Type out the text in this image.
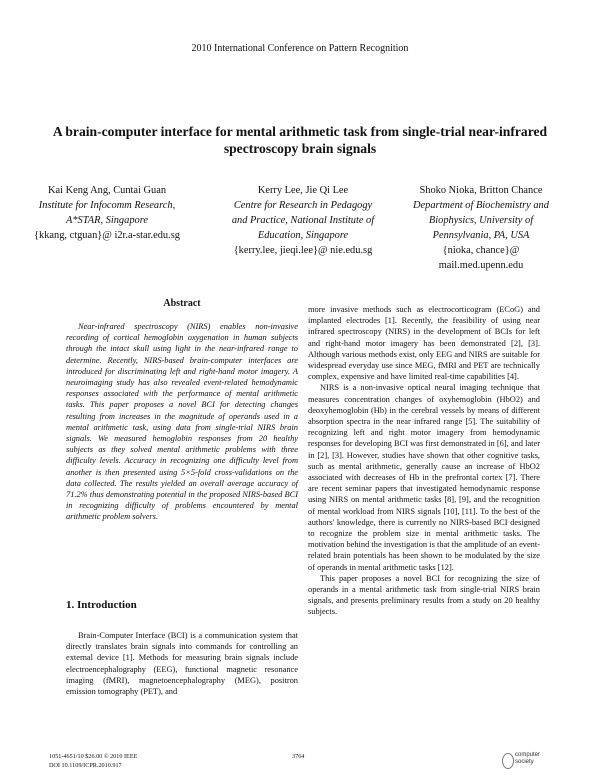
2010 International Conference on Pattern Recognition
A brain-computer interface for mental arithmetic task from single-trial near-infrared spectroscopy brain signals
Kai Keng Ang, Cuntai Guan
Institute for Infocomm Research, A*STAR, Singapore
{kkang, ctguan}@ i2r.a-star.edu.sg
Kerry Lee, Jie Qi Lee
Centre for Research in Pedagogy and Practice, National Institute of Education, Singapore
{kerry.lee, jieqi.lee}@ nie.edu.sg
Shoko Nioka, Britton Chance
Department of Biochemistry and Biophysics, University of Pennsylvania, PA, USA
{nioka, chance}@ mail.med.upenn.edu
Abstract

Near-infrared spectroscopy (NIRS) enables non-invasive recording of cortical hemoglobin oxygenation in human subjects through the intact skull using light in the near-infrared range to determine. Recently, NIRS-based brain-computer interfaces are introduced for discriminating left and right-hand motor imagery. A neuroimaging study has also revealed event-related hemodynamic responses associated with the performance of mental arithmetic tasks. This paper proposes a novel BCI for detecting changes resulting from increases in the magnitude of operands used in a mental arithmetic task, using data from single-trial NIRS brain signals. We measured hemoglobin responses from 20 healthy subjects as they solved mental arithmetic problems with three difficulty levels. Accuracy in recognizing one difficulty level from another is then presented using 5×5-fold cross-validations on the data collected. The results yielded an overall average accuracy of 71.2% thus demonstrating potential in the proposed NIRS-based BCI in recognizing difficulty of problems encountered by mental arithmetic problem solvers.

1. Introduction

Brain-Computer Interface (BCI) is a communication system that directly translates brain signals into commands for controlling an external device [1]. Methods for measuring brain signals include electroencephalography (EEG), functional magnetic resonance imaging (fMRI), magnetoencephalography (MEG), positron emission tomography (PET), and

more invasive methods such as electrocorticogram (ECoG) and implanted electrodes [1]. Recently, the feasibility of using near infrared spectroscopy (NIRS) in the development of BCIs for left and right-hand motor imagery has been demonstrated [2], [3]. Although various methods exist, only EEG and NIRS are suitable for widespread everyday use since MEG, fMRI and PET are technically complex, expensive and have limited real-time capabilities [4].

NIRS is a non-invasive optical neural imaging technique that measures concentration changes of oxyhemoglobin (HbO2) and deoxyhemoglobin (Hb) in the cerebral vessels by means of different absorption spectra in the near infrared range [5]. The suitability of recognizing left and right motor imagery from hemodynamic responses for developing BCI was first demonstrated in [6], and later in [2], [3]. However, studies have shown that other cognitive tasks, such as mental arithmetic, generally cause an increase of HbO2 associated with decreases of Hb in the prefrontal cortex [7]. There are recent seminar papers that investigated hemodynamic response using NIRS on mental arithmetic tasks [8], [9], and the recognition of mental workload from NIRS signals [10], [11]. To the best of the authors' knowledge, there is currently no NIRS-based BCI designed to recognize the problem size in mental arithmetic tasks. The motivation behind the investigation is that the amplitude of an event-related brain potentials has been shown to be modulated by the size of operands in mental arithmetic tasks [12].

This paper proposes a novel BCI for recognizing the size of operands in a mental arithmetic task from single-trial NIRS brain signals, and presents preliminary results from a study on 20 healthy subjects.

1051-4651/10 $26.00 © 2010 IEEE
DOI 10.1109/ICPR.2010.917
3764	computer
society
